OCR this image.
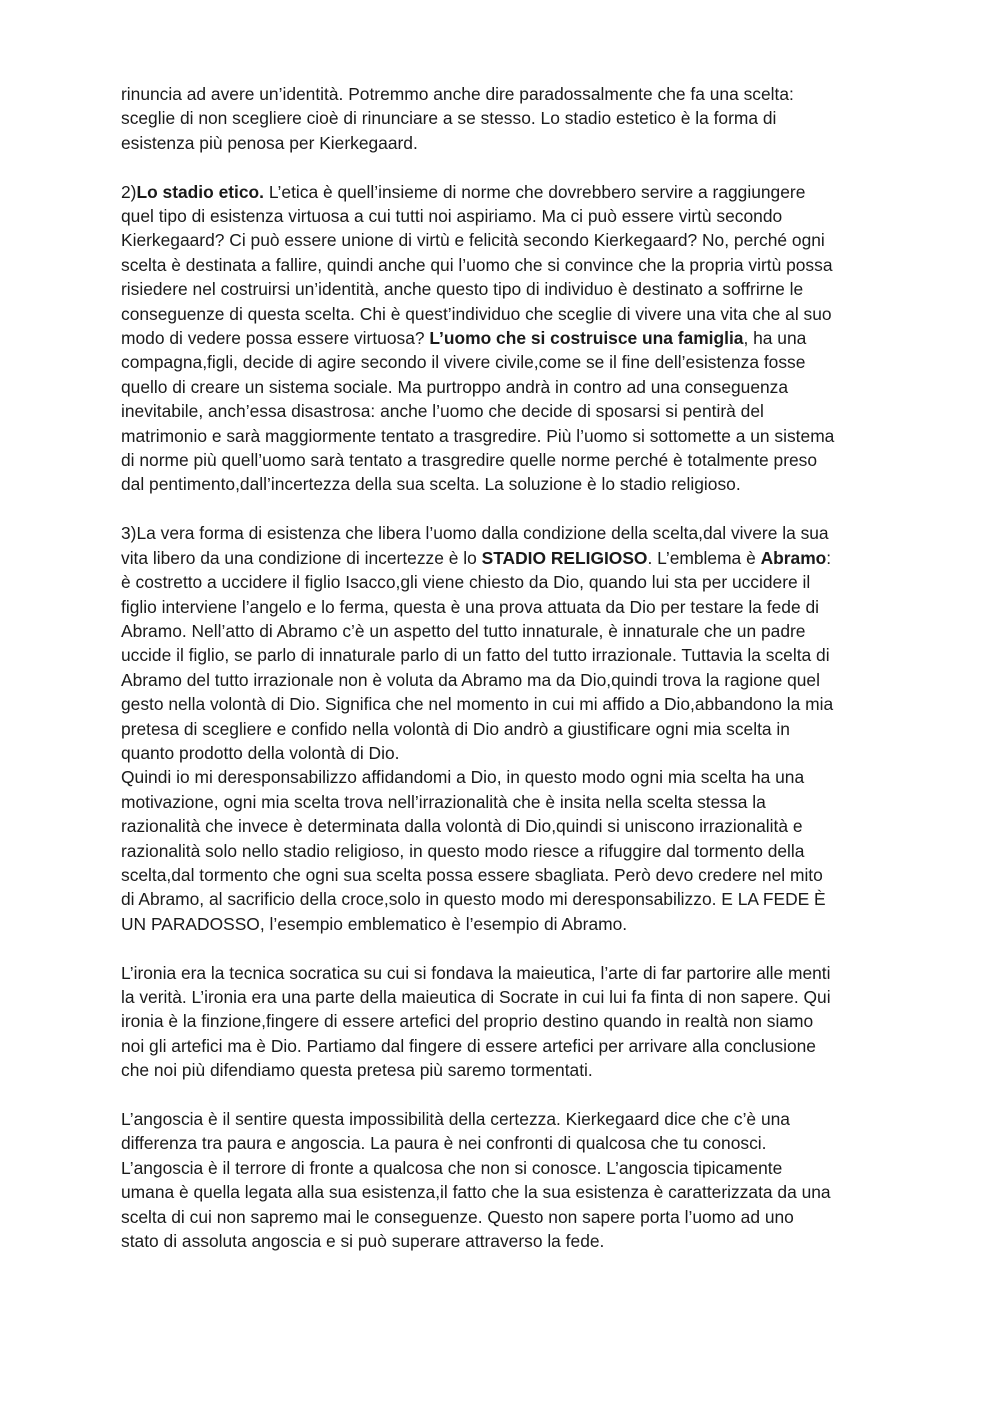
rinuncia ad avere un’identità. Potremmo anche dire paradossalmente che fa una scelta:
sceglie di non scegliere cioè di rinunciare a se stesso. Lo stadio estetico è la forma di
esistenza più penosa per Kierkegaard.
2)Lo stadio etico. L’etica è quell’insieme di norme che dovrebbero servire a raggiungere
quel tipo di esistenza virtuosa a cui tutti noi aspiriamo. Ma ci può essere virtù secondo
Kierkegaard? Ci può essere unione di virtù e felicità secondo Kierkegaard? No, perché ogni
scelta è destinata a fallire, quindi anche qui l’uomo che si convince che la propria virtù possa
risiedere nel costruirsi un’identità, anche questo tipo di individuo è destinato a soffrirne le
conseguenze di questa scelta. Chi è quest’individuo che sceglie di vivere una vita che al suo
modo di vedere possa essere virtuosa? L’uomo che si costruisce una famiglia, ha una
compagna,figli, decide di agire secondo il vivere civile,come se il fine dell’esistenza fosse
quello di creare un sistema sociale. Ma purtroppo andrà in contro ad una conseguenza
inevitabile, anch’essa disastrosa: anche l’uomo che decide di sposarsi si pentirà del
matrimonio e sarà maggiormente tentato a trasgredire. Più l’uomo si sottomette a un sistema
di norme più quell’uomo sarà tentato a trasgredire quelle norme perché è totalmente preso
dal pentimento,dall’incertezza della sua scelta. La soluzione è lo stadio religioso.
3)La vera forma di esistenza che libera l’uomo dalla condizione della scelta,dal vivere la sua
vita libero da una condizione di incertezze è lo STADIO RELIGIOSO. L’emblema è Abramo:
è costretto a uccidere il figlio Isacco,gli viene chiesto da Dio, quando lui sta per uccidere il
figlio interviene l’angelo e lo ferma, questa è una prova attuata da Dio per testare la fede di
Abramo. Nell’atto di Abramo c’è un aspetto del tutto innaturale, è innaturale che un padre
uccide il figlio, se parlo di innaturale parlo di un fatto del tutto irrazionale. Tuttavia la scelta di
Abramo del tutto irrazionale non è voluta da Abramo ma da Dio,quindi trova la ragione quel
gesto nella volontà di Dio. Significa che nel momento in cui mi affido a Dio,abbandono la mia
pretesa di scegliere e confido nella volontà di Dio andrò a giustificare ogni mia scelta in
quanto prodotto della volontà di Dio.
Quindi io mi deresponsabilizzo affidandomi a Dio, in questo modo ogni mia scelta ha una
motivazione, ogni mia scelta trova nell’irrazionalità che è insita nella scelta stessa la
razionalità che invece è determinata dalla volontà di Dio,quindi si uniscono irrazionalità e
razionalità solo nello stadio religioso, in questo modo riesce a rifuggire dal tormento della
scelta,dal tormento che ogni sua scelta possa essere sbagliata. Però devo credere nel mito
di Abramo, al sacrificio della croce,solo in questo modo mi deresponsabilizzo. E LA FEDE È
UN PARADOSSO, l’esempio emblematico è l’esempio di Abramo.
L’ironia era la tecnica socratica su cui si fondava la maieutica, l’arte di far partorire alle menti
la verità. L’ironia era una parte della maieutica di Socrate in cui lui fa finta di non sapere. Qui
ironia è la finzione,fingere di essere artefici del proprio destino quando in realtà non siamo
noi gli artefici ma è Dio. Partiamo dal fingere di essere artefici per arrivare alla conclusione
che noi più difendiamo questa pretesa più saremo tormentati.
L’angoscia è il sentire questa impossibilità della certezza. Kierkegaard dice che c’è una
differenza tra paura e angoscia. La paura è nei confronti di qualcosa che tu conosci.
L’angoscia è il terrore di fronte a qualcosa che non si conosce. L’angoscia tipicamente
umana è quella legata alla sua esistenza,il fatto che la sua esistenza è caratterizzata da una
scelta di cui non sapremo mai le conseguenze. Questo non sapere porta l’uomo ad uno
stato di assoluta angoscia e si può superare attraverso la fede.
